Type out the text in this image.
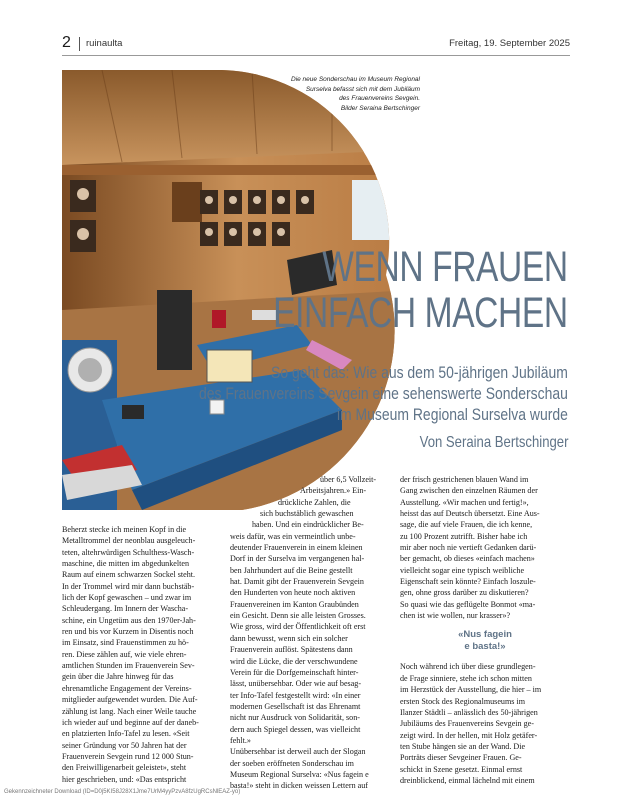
2 ruinaulta	Freitag, 19. September 2025
Die neue Sonderschau im Museum Regional
Surselva befasst sich mit dem Jubiläum
des Frauenvereins Sevgein.
Bilder Seraina Bertschinger
WENN FRAUEN
EINFACH MACHEN
So geht das: Wie aus dem 50-jährigen Jubiläum
des Frauenvereins Sevgein eine sehenswerte Sonderschau
im Museum Regional Surselva wurde
Von Seraina Bertschinger
Beherzt stecke ich meinen Kopf in die
Metalltrommel der neonblau ausgeleuch-
teten, altehrwürdigen Schulthess-Wasch-
maschine, die mitten im abgedunkelten
Raum auf einem schwarzen Sockel steht.
In der Trommel wird mir dann buchstäb-
lich der Kopf gewaschen – und zwar im
Schleudergang. Im Innern der Wascha-
schine, ein Ungetüm aus den 1970er-Jah-
ren und bis vor Kurzem in Disentis noch
im Einsatz, sind Frauenstimmen zu hö-
ren. Diese zählen auf, wie viele ehren-
amtlichen Stunden im Frauenverein Sev-
gein über die Jahre hinweg für das
ehrenamtliche Engagement der Vereins-
mitglieder aufgewendet wurden. Die Auf-
zählung ist lang. Nach einer Weile tauche
ich wieder auf und beginne auf der daneb-
en platzierten Info-Tafel zu lesen. «Seit
seiner Gründung vor 50 Jahren hat der
Frauenverein Sevgein rund 12 000 Stun-
den Freiwilligenarbeit geleistet», steht
hier geschrieben, und: «Das entspricht
über 6,5 Vollzeit-
Arbeitsjahren.» Ein-
drückliche Zahlen, die
sich buchstäblich gewaschen
haben. Und ein eindrücklicher Be-
weis dafür, was ein vermeintlich unbe-
deutender Frauenverein in einem kleinen
Dorf in der Surselva im vergangenen hal-
ben Jahrhundert auf die Beine gestellt
hat. Damit gibt der Frauenverein Sevgein
den Hunderten von heute noch aktiven
Frauenvereinen im Kanton Graubünden
ein Gesicht. Denn sie alle leisten Grosses.
Wie gross, wird der Öffentlichkeit oft erst
dann bewusst, wenn sich ein solcher
Frauenverein auflöst. Spätestens dann
wird die Lücke, die der verschwundene
Verein für die Dorfgemeinschaft hinter-
lässt, unübersehbar. Oder wie auf besag-
ter Info-Tafel festgestellt wird: «In einer
modernen Gesellschaft ist das Ehrenamt
nicht nur Ausdruck von Solidarität, son-
dern auch Spiegel dessen, was vielleicht
fehlt.»
Unübersehbar ist derweil auch der Slogan
der soeben eröffneten Sonderschau im
Museum Regional Surselva: «Nus fagein e
basta!» steht in dicken weissen Lettern auf
der frisch gestrichenen blauen Wand im
Gang zwischen den einzelnen Räumen der
Ausstellung. «Wir machen und fertig!»,
heisst das auf Deutsch übersetzt. Eine Aus-
sage, die auf viele Frauen, die ich kenne,
zu 100 Prozent zutrifft. Bisher habe ich
mir aber noch nie vertieft Gedanken darü-
ber gemacht, ob dieses «einfach machen»
vielleicht sogar eine typisch weibliche
Eigenschaft sein könnte? Einfach loszule-
gen, ohne gross darüber zu diskutieren?
So quasi wie das geflügelte Bonmot «ma-
chen ist wie wollen, nur krasser»?
«Nus fagein
e basta!»
Noch während ich über diese grundlegen-
de Frage sinniere, stehe ich schon mitten
im Herzstück der Ausstellung, die hier – im
ersten Stock des Regionalmuseums im
Ilanzer Städtli – anlässlich des 50-jährigen
Jubiläums des Frauenvereins Sevgein ge-
zeigt wird. In der hellen, mit Holz getäfer-
ten Stube hängen sie an der Wand. Die
Porträts dieser Sevgeiner Frauen. Ge-
schickt in Szene gesetzt. Einmal ernst
dreinblickend, einmal lächelnd mit einem
Gekennzeichneter Download (ID=D0j5KI58J28X1Jme7UrM4yyPzvA8fzUgRCsNlEAZ-yo)
